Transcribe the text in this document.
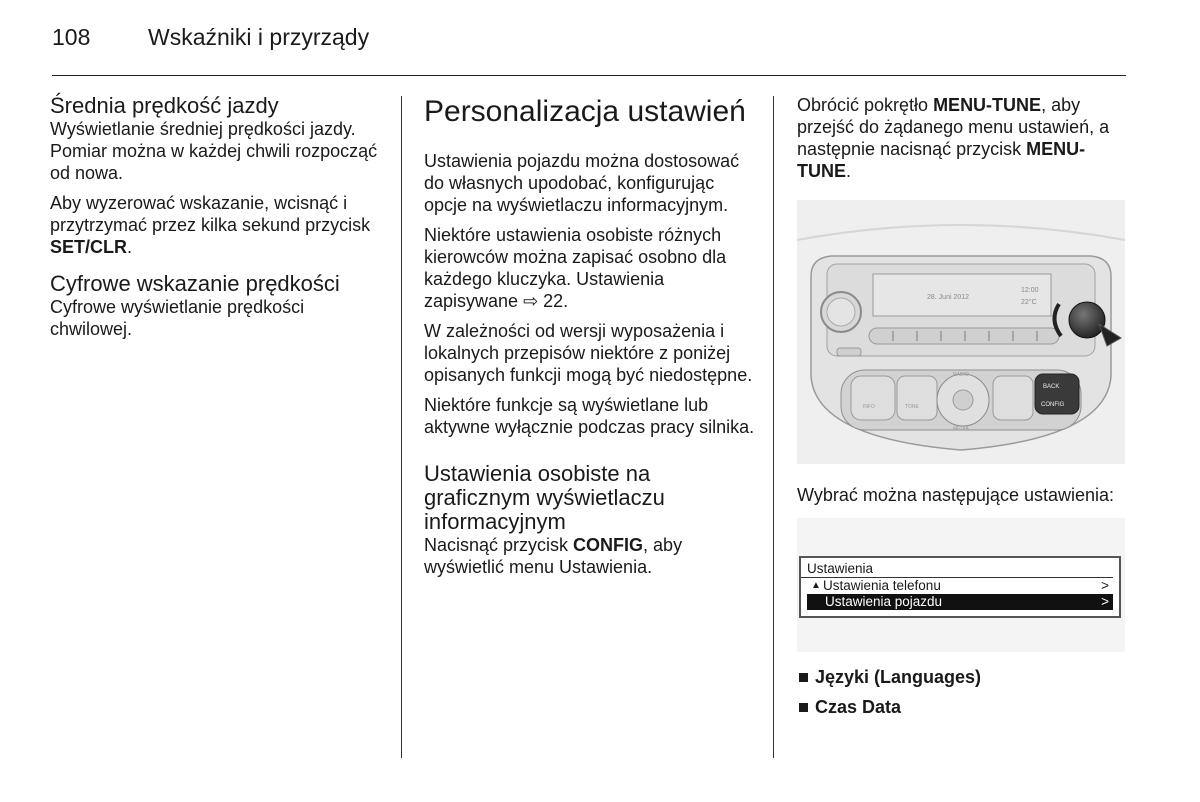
108	Wskaźniki i przyrządy
Średnia prędkość jazdy

Wyświetlanie średniej prędkości jazdy. Pomiar można w każdej chwili rozpocząć od nowa.

Aby wyzerować wskazanie, wcisnąć i przytrzymać przez kilka sekund przycisk SET/CLR.

Cyfrowe wskazanie prędkości

Cyfrowe wyświetlanie prędkości chwilowej.

Personalizacja ustawień

Ustawienia pojazdu można dostosować do własnych upodobać, konfigurując opcje na wyświetlaczu informacyjnym.

Niektóre ustawienia osobiste różnych kierowców można zapisać osobno dla każdego kluczyka. Ustawienia zapisywane ⇨ 22.

W zależności od wersji wyposażenia i lokalnych przepisów niektóre z poniżej opisanych funkcji mogą być niedostępne.

Niektóre funkcje są wyświetlane lub aktywne wyłącznie podczas pracy silnika.

Ustawienia osobiste na graficznym wyświetlaczu informacyjnym

Nacisnąć przycisk CONFIG, aby wyświetlić menu Ustawienia.

Obrócić pokrętło MENU-TUNE, aby przejść do żądanego menu ustawień, a następnie nacisnąć przycisk MENU-TUNE.

28. Juni 2012
12:00
22°C
BACK
CONFIG
RADIO
INFO	TONE
MEDIA

Wybrać można następujące ustawienia:

Ustawienia
▲ Ustawienia telefonu	>
Ustawienia pojazdu	>
Języki (Languages)
Czas Data
